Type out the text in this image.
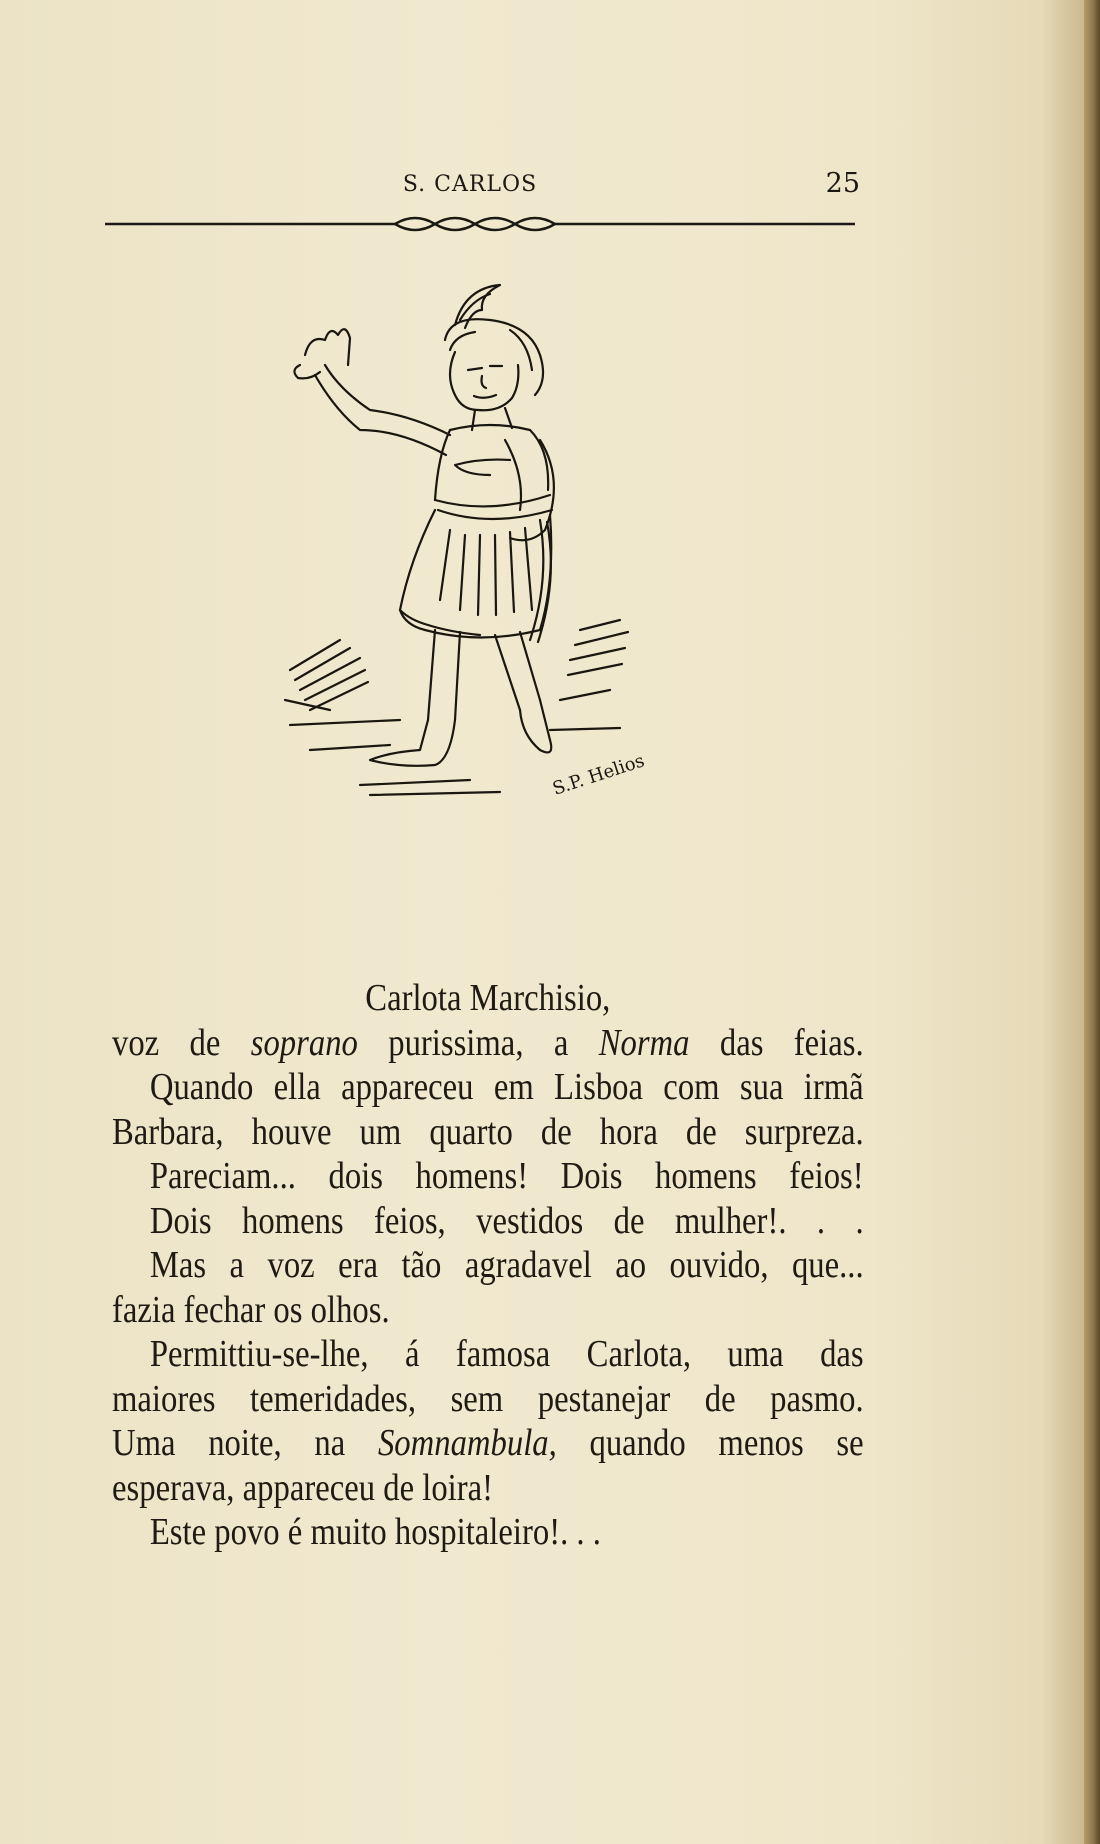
S. CARLOS	25
S.P. Helios
Carlota Marchisio,
voz de soprano purissima, a Norma das feias.
Quando ella appareceu em Lisboa com sua irmã
Barbara, houve um quarto de hora de surpreza.
Pareciam... dois homens! Dois homens feios!
Dois homens feios, vestidos de mulher!. . .
Mas a voz era tão agradavel ao ouvido, que...
fazia fechar os olhos.
Permittiu-se-lhe, á famosa Carlota, uma das
maiores temeridades, sem pestanejar de pasmo.
Uma noite, na Somnambula, quando menos se
esperava, appareceu de loira!
Este povo é muito hospitaleiro!. . .
